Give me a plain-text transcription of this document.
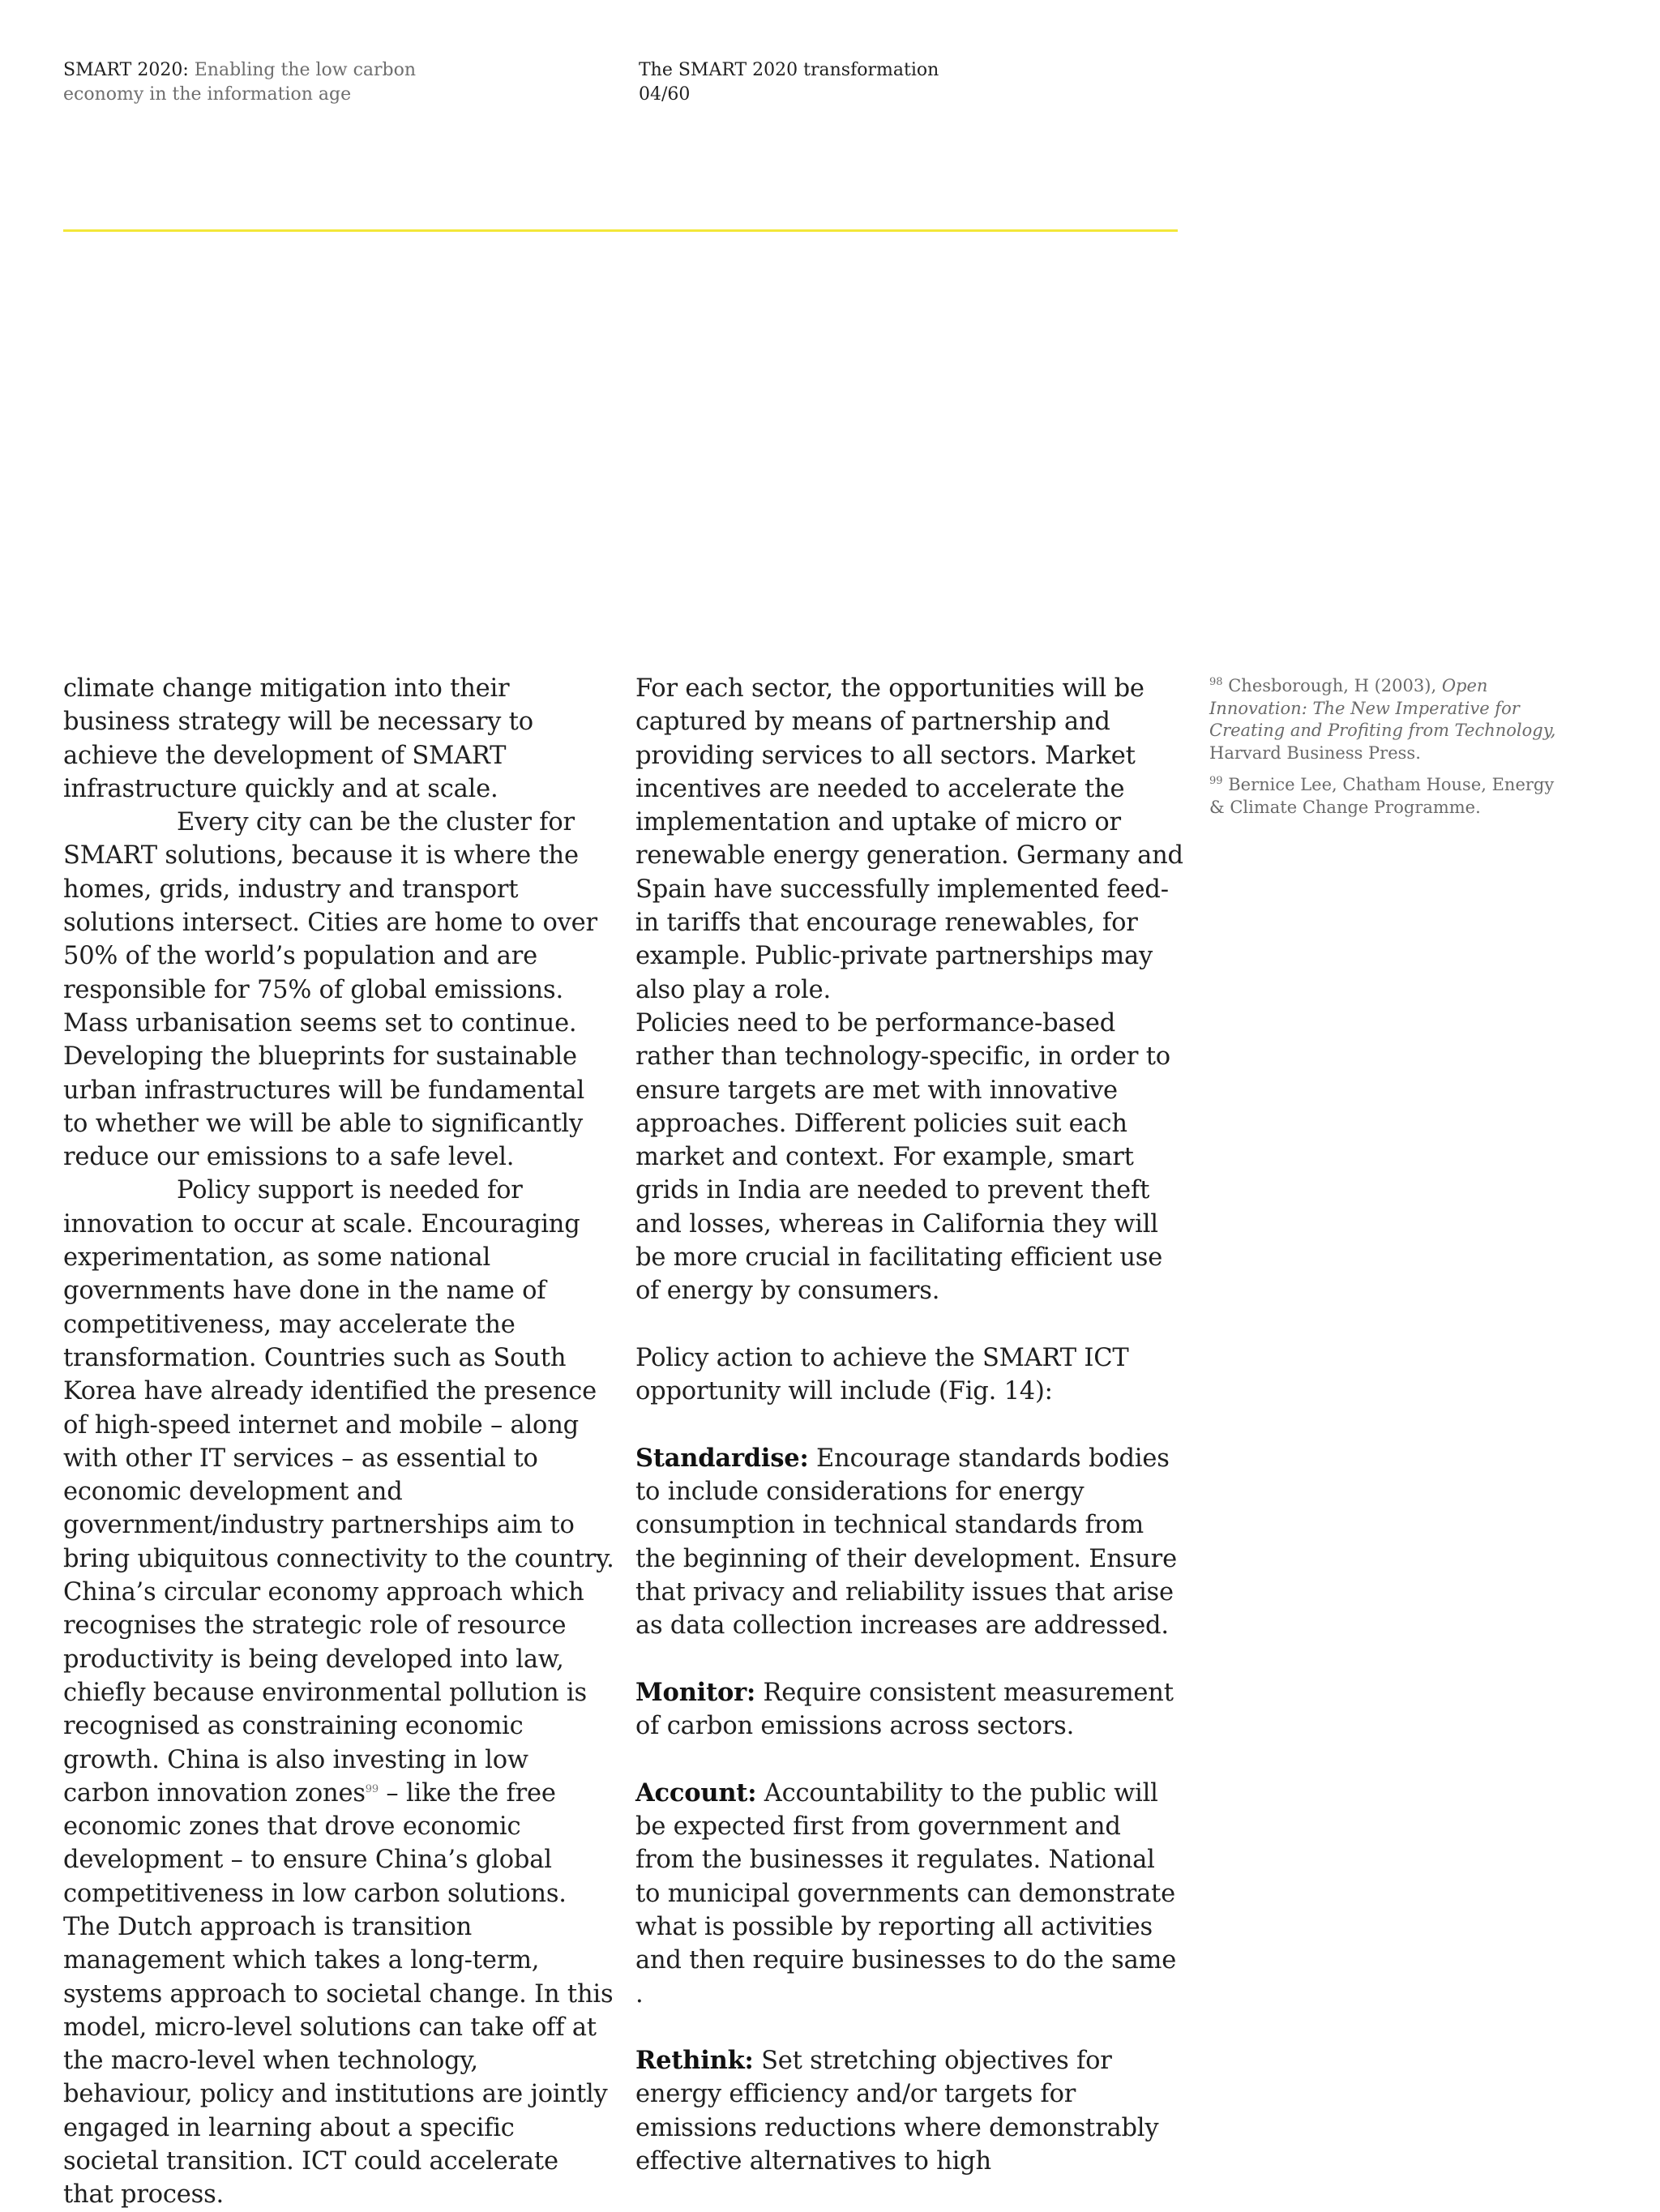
SMART 2020: Enabling the low carbon
economy in the information age
The SMART 2020 transformation
04/60

climate change mitigation into their business strategy will be necessary to achieve the development of SMART infrastructure quickly and at scale.

Every city can be the cluster for SMART solutions, because it is where the homes, grids, industry and transport solutions intersect. Cities are home to over 50% of the world’s population and are responsible for 75% of global emissions. Mass urbanisation seems set to continue. Developing the blueprints for sustainable urban infrastructures will be fundamental to whether we will be able to significantly reduce our emissions to a safe level.

Policy support is needed for innovation to occur at scale. Encouraging experimentation, as some national governments have done in the name of competitiveness, may accelerate the transformation. Countries such as South Korea have already identified the presence of high-speed internet and mobile – along with other IT services – as essential to economic development and government/industry partnerships aim to bring ubiquitous connectivity to the country. China’s circular economy approach which recognises the strategic role of resource productivity is being developed into law, chiefly because environmental pollution is recognised as constraining economic growth. China is also investing in low carbon innovation zones$^{99}$ – like the free economic zones that drove economic development – to ensure China’s global competitiveness in low carbon solutions.

The Dutch approach is transition management which takes a long-term, systems approach to societal change. In this model, micro-level solutions can take off at the macro-level when technology, behaviour, policy and institutions are jointly engaged in learning about a specific societal transition. ICT could accelerate that process.

For each sector, the opportunities will be captured by means of partnership and providing services to all sectors. Market incentives are needed to accelerate the implementation and uptake of micro or renewable energy generation. Germany and Spain have successfully implemented feed-in tariffs that encourage renewables, for example. Public-private partnerships may also play a role.

Policies need to be performance-based rather than technology-specific, in order to ensure targets are met with innovative approaches. Different policies suit each market and context. For example, smart grids in India are needed to prevent theft and losses, whereas in California they will be more crucial in facilitating efficient use of energy by consumers.

Policy action to achieve the SMART ICT opportunity will include (Fig. 14):

Standardise: Encourage standards bodies to include considerations for energy consumption in technical standards from the beginning of their development. Ensure that privacy and reliability issues that arise as data collection increases are addressed.

Monitor: Require consistent measurement of carbon emissions across sectors.

Account: Accountability to the public will be expected first from government and from the businesses it regulates. National to municipal governments can demonstrate what is possible by reporting all activities and then require businesses to do the same .

Rethink: Set stretching objectives for energy efficiency and/or targets for emissions reductions where demonstrably effective alternatives to high

$^{98}$ Chesborough, H (2003), Open Innovation: The New Imperative for Creating and Profiting from Technology, Harvard Business Press.

$^{99}$ Bernice Lee, Chatham House, Energy & Climate Change Programme.
